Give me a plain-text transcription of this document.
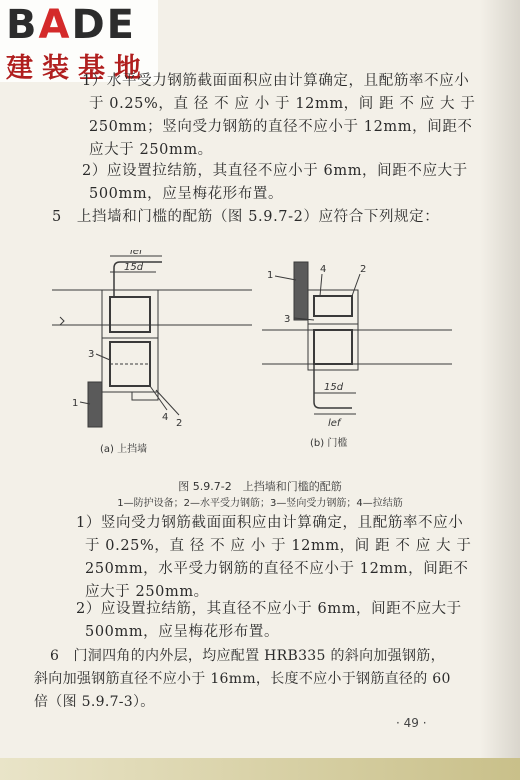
BADE
建装基地
1）水平受力钢筋截面面积应由计算确定，且配筋率不应小
于 0.25%，直 径 不 应 小 于 12mm，间 距 不 应 大 于
250mm；竖向受力钢筋的直径不应小于 12mm，间距不
应大于 250mm。
2）应设置拉结筋，其直径不应小于 6mm，间距不应大于
500mm，应呈梅花形布置。
5　上挡墙和门槛的配筋（图 5.9.7-2）应符合下列规定：
lef
15d
3
1
4
2
(a) 上挡墙
1
4	2
3
15d
lef
(b) 门槛
图 5.9.7-2　上挡墙和门槛的配筋
1—防护设备；2—水平受力钢筋；3—竖向受力钢筋；4—拉结筋
1）竖向受力钢筋截面面积应由计算确定，且配筋率不应小
于 0.25%，直 径 不 应 小 于 12mm，间 距 不 应 大 于
250mm，水平受力钢筋的直径不应小于 12mm，间距不
应大于 250mm。
2）应设置拉结筋，其直径不应小于 6mm，间距不应大于
500mm，应呈梅花形布置。
6　门洞四角的内外层，均应配置 HRB335 的斜向加强钢筋，
斜向加强钢筋直径不应小于 16mm，长度不应小于钢筋直径的 60
倍（图 5.9.7-3）。
· 49 ·
